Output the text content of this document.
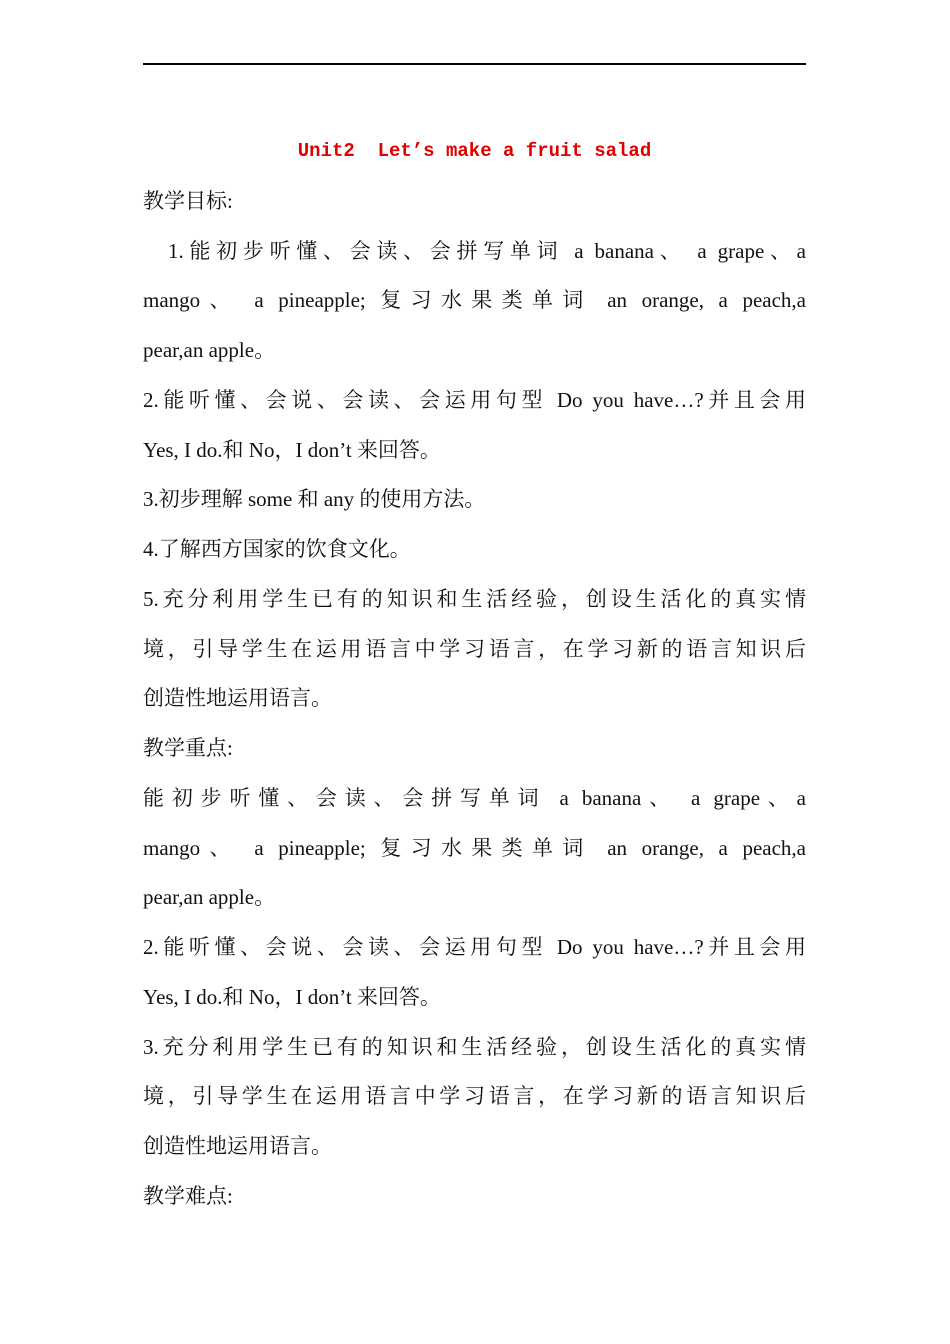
Unit2  Let’s make a fruit salad
教学目标:
1.能初步听懂、会读、会拼写单词 a banana、 a grape、a
mango、 a pineapple; 复习水果类单词 an orange, a peach,a
pear,an apple。
2.能听懂、会说、会读、会运用句型 Do you have…?并且会用
Yes, I do.和 No，I don’t 来回答。
3.初步理解 some 和 any 的使用方法。
4.了解西方国家的饮食文化。
5.充分利用学生已有的知识和生活经验，创设生活化的真实情
境，引导学生在运用语言中学习语言，在学习新的语言知识后
创造性地运用语言。
教学重点:
能初步听懂、会读、会拼写单词 a banana、 a grape、a
mango、 a pineapple; 复习水果类单词 an orange, a peach,a
pear,an apple。
2.能听懂、会说、会读、会运用句型 Do you have…?并且会用
Yes, I do.和 No，I don’t 来回答。
3.充分利用学生已有的知识和生活经验，创设生活化的真实情
境，引导学生在运用语言中学习语言，在学习新的语言知识后
创造性地运用语言。
教学难点:
